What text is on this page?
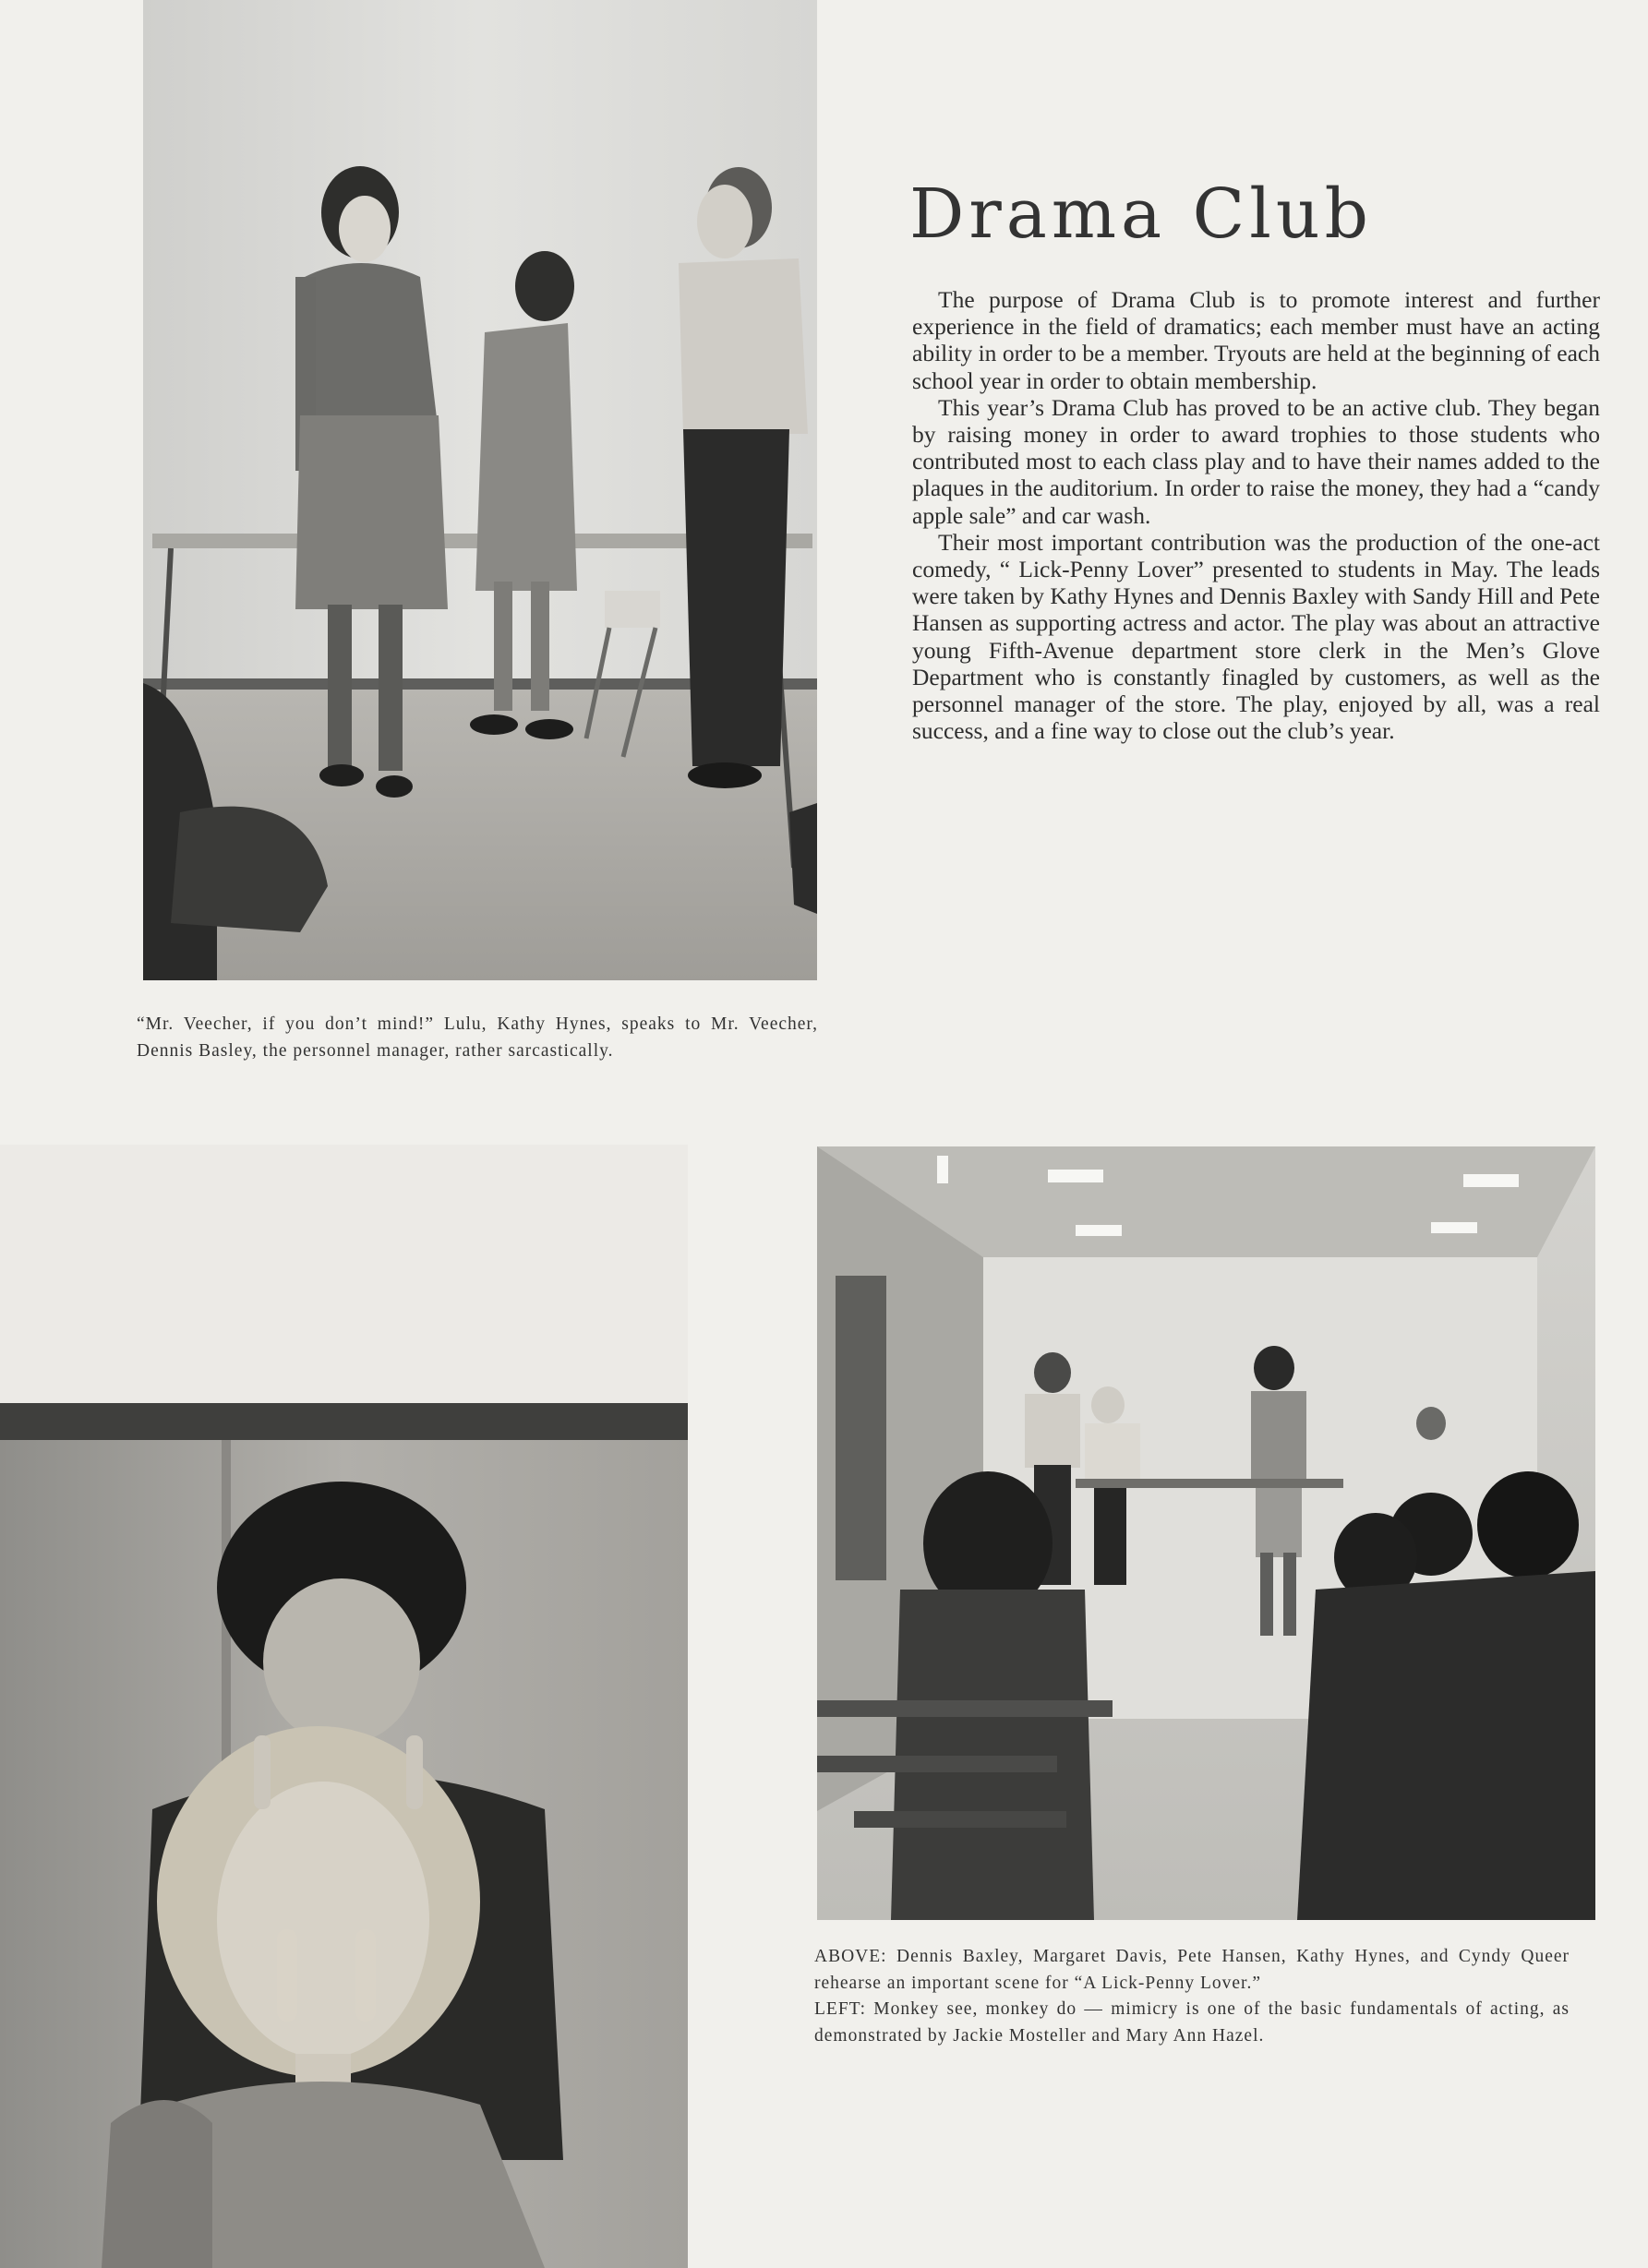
Drama Club

The purpose of Drama Club is to promote interest and further experience in the field of dramatics; each member must have an acting ability in order to be a member. Tryouts are held at the beginning of each school year in order to obtain membership.

This year’s Drama Club has proved to be an active club. They began by raising money in order to award trophies to those students who contributed most to each class play and to have their names added to the plaques in the auditorium. In order to raise the money, they had a “candy apple sale” and car wash.

Their most important contribution was the production of the one-act comedy, “ Lick-Penny Lover” presented to students in May. The leads were taken by Kathy Hynes and Dennis Baxley with Sandy Hill and Pete Hansen as supporting actress and actor. The play was about an attractive young Fifth-Avenue department store clerk in the Men’s Glove Department who is constantly finagled by customers, as well as the personnel manager of the store. The play, enjoyed by all, was a real success, and a fine way to close out the club’s year.

“Mr. Veecher, if you don’t mind!” Lulu, Kathy Hynes, speaks to Mr. Veecher, Dennis Basley, the personnel manager, rather sarcastically.
ABOVE: Dennis Baxley, Margaret Davis, Pete Hansen, Kathy Hynes, and Cyndy Queer rehearse an important scene for “A Lick-Penny Lover.”
LEFT: Monkey see, monkey do — mimicry is one of the basic fundamentals of acting, as demonstrated by Jackie Mosteller and Mary Ann Hazel.
